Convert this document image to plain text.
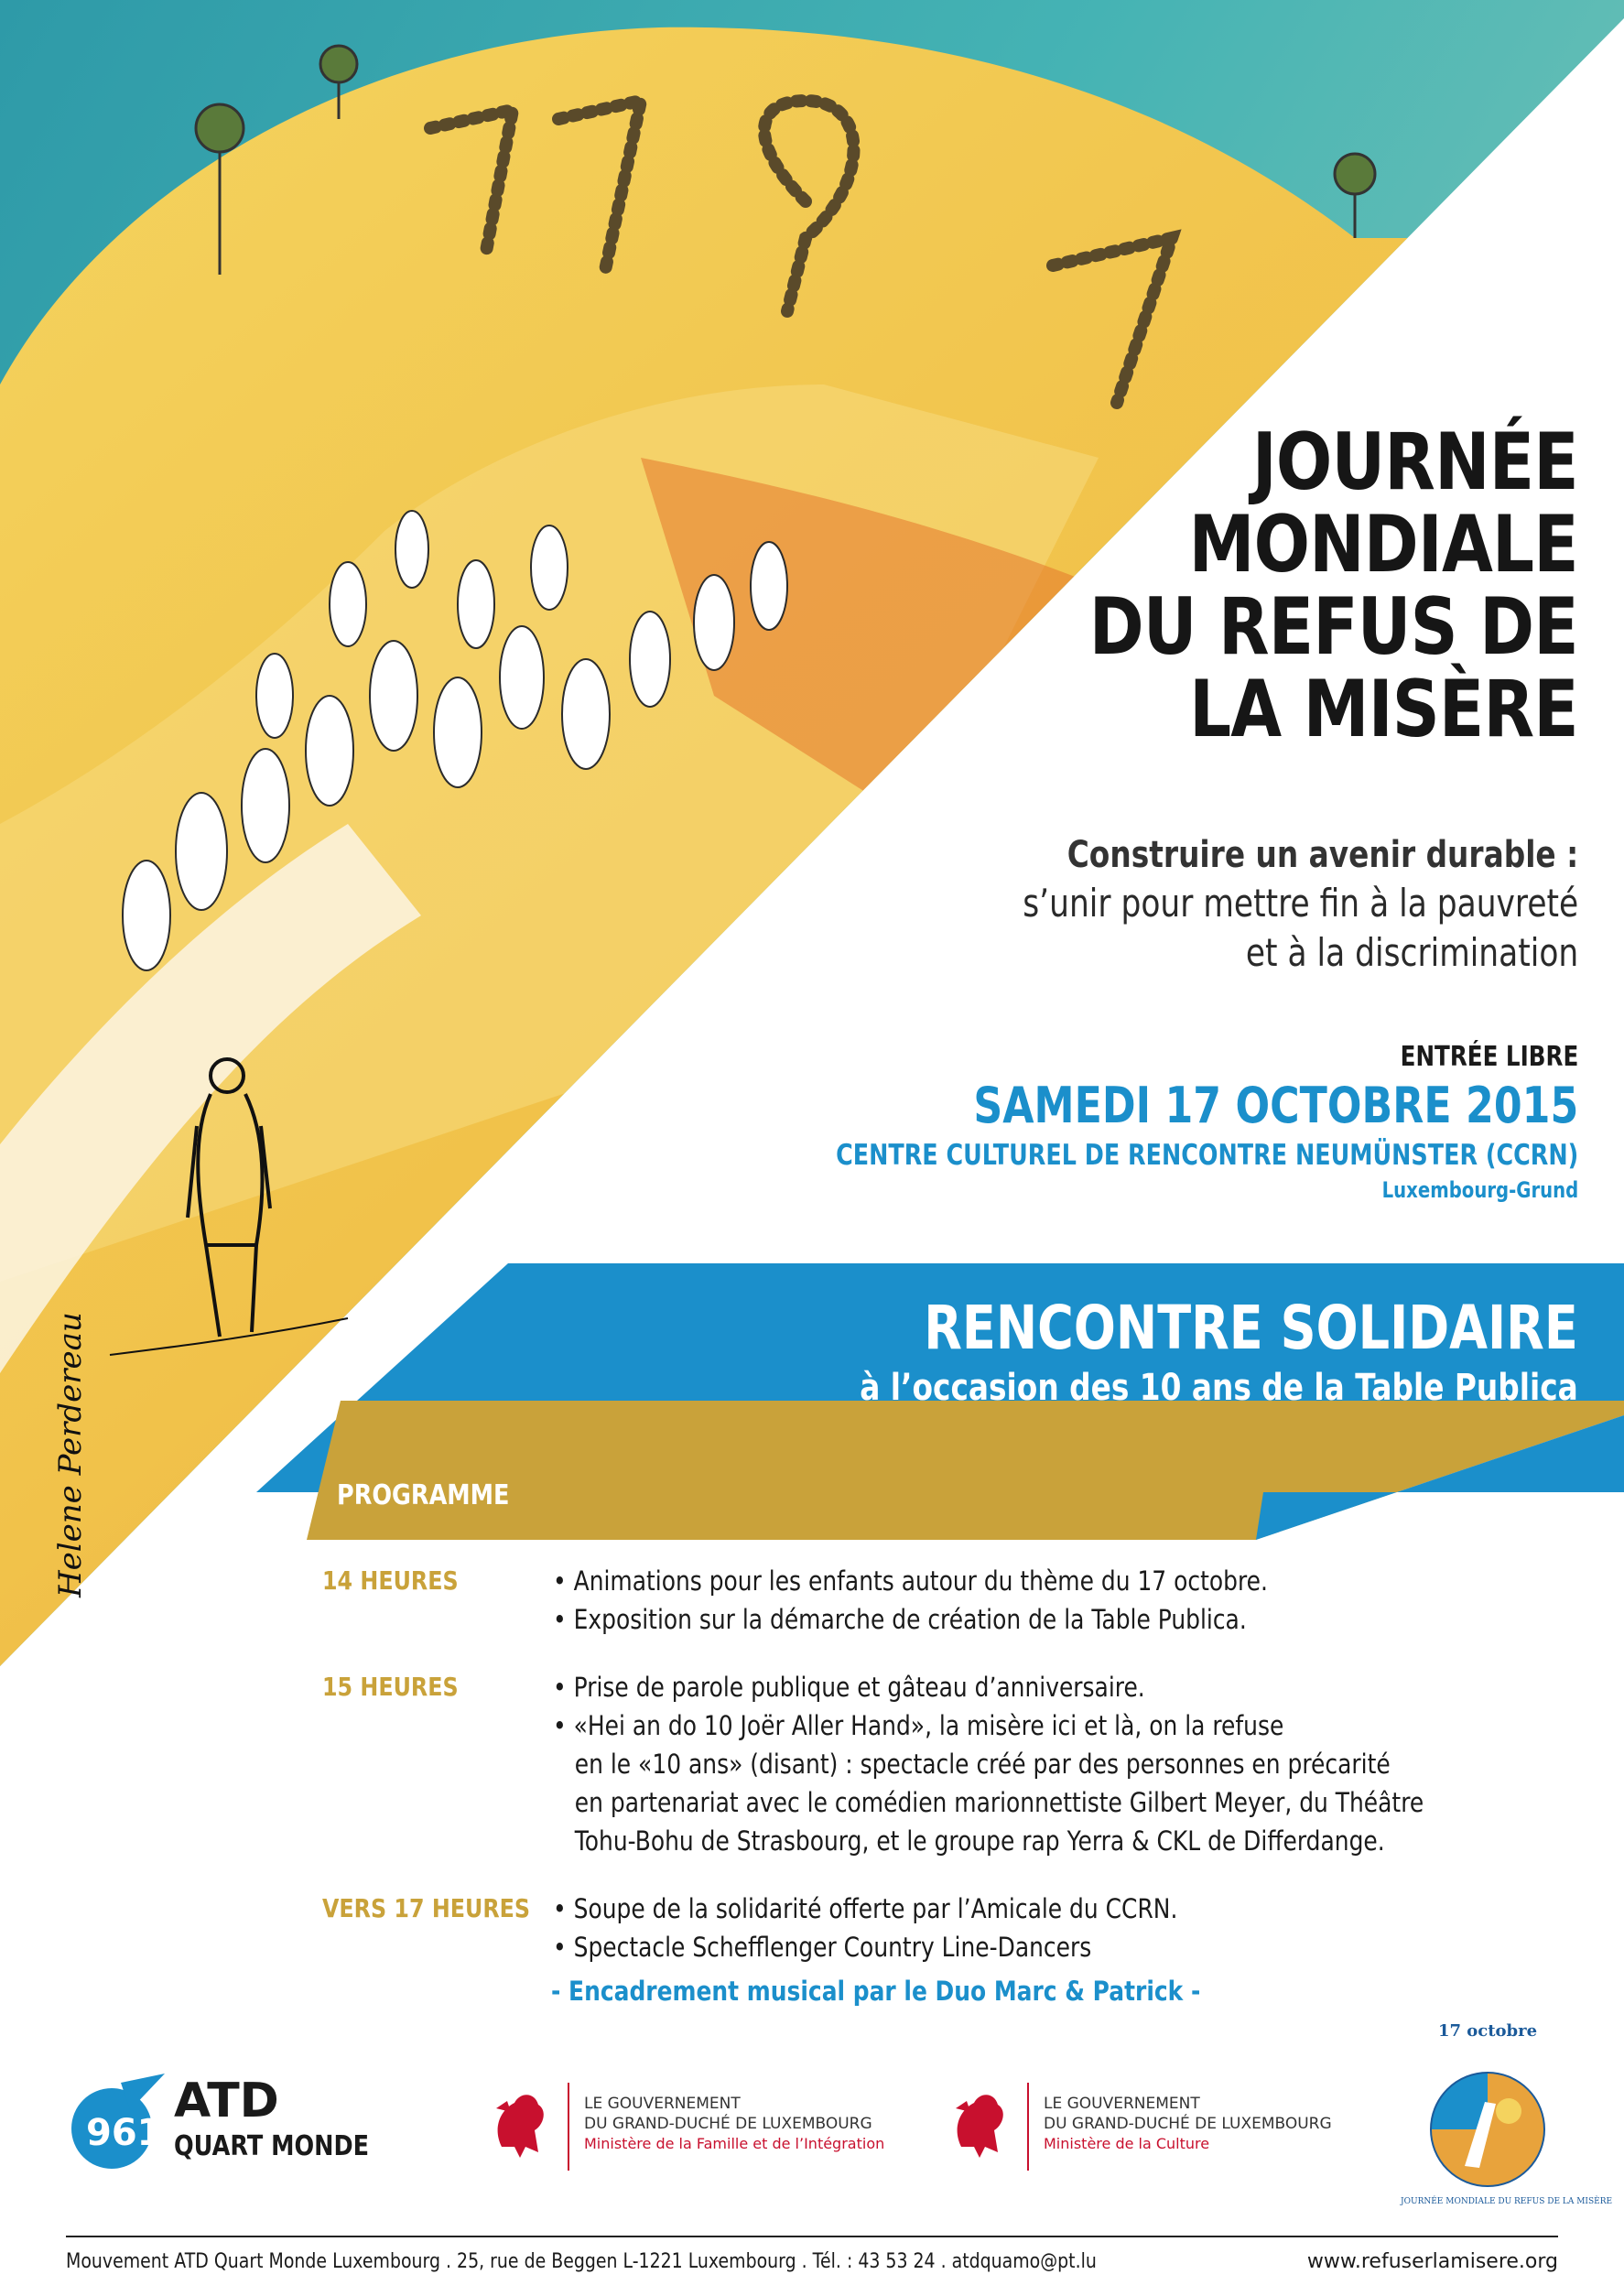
Helene Perdereau
JOURNÉE
MONDIALE
DU REFUS DE
LA MISÈRE
Construire un avenir durable :
s’unir pour mettre fin à la pauvreté
et à la discrimination
ENTRÉE LIBRE
SAMEDI 17 OCTOBRE 2015
CENTRE CULTUREL DE RENCONTRE NEUMÜNSTER (CCRN)
Luxembourg-Grund
RENCONTRE SOLIDAIRE
à l’occasion des 10 ans de la Table Publica
PROGRAMME
14 HEURES	• Animations pour les enfants autour du thème du 17 octobre.
• Exposition sur la démarche de création de la Table Publica.
15 HEURES	• Prise de parole publique et gâteau d’anniversaire.
• «Hei an do 10 Joër Aller Hand», la misère ici et là, on la refuse
en le «10 ans» (disant) : spectacle créé par des personnes en précarité
en partenariat avec le comédien marionnettiste Gilbert Meyer, du Théâtre
Tohu-Bohu de Strasbourg, et le groupe rap Yerra & CKL de Differdange.
VERS 17 HEURES • Soupe de la solidarité offerte par l’Amicale du CCRN.
• Spectacle Schefflenger Country Line-Dancers
- Encadrement musical par le Duo Marc & Patrick -
961
ATD
QUART MONDE
LE GOUVERNEMENT
DU GRAND-DUCHÉ DE LUXEMBOURG
Ministère de la Famille et de l’Intégration
LE GOUVERNEMENT
DU GRAND-DUCHÉ DE LUXEMBOURG
Ministère de la Culture
17 octobre
JOURNÉE MONDIALE DU REFUS DE LA MISÈRE
Mouvement ATD Quart Monde Luxembourg . 25, rue de Beggen L-1221 Luxembourg . Tél. : 43 53 24 . atdquamo@pt.lu	www.refuserlamisere.org
